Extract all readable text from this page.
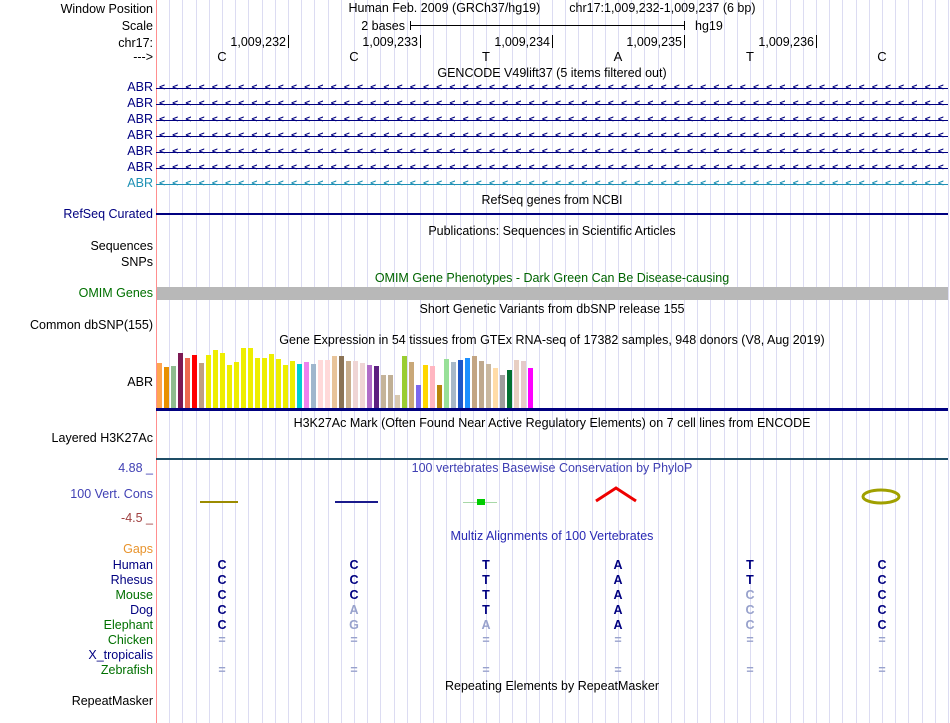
Window Position	Human Feb. 2009 (GRCh37/hg19) chr17:1,009,232-1,009,237 (6 bp)
Scale	2 bases	hg19
chr17:	1,009,232	1,009,233	1,009,234	1,009,235	1,009,236
--->	C	C	T	A	T	C
GENCODE V49lift37 (5 items filtered out)
ABR < < < < < < < < < < < < < < < < < < < < < < < < < < < < < < < < < < < < < < < < < < < < < < < < < < < < < < < < < < < <
ABR < < < < < < < < < < < < < < < < < < < < < < < < < < < < < < < < < < < < < < < < < < < < < < < < < < < < < < < < < < < <
ABR < < < < < < < < < < < < < < < < < < < < < < < < < < < < < < < < < < < < < < < < < < < < < < < < < < < < < < < < < < < <
ABR < < < < < < < < < < < < < < < < < < < < < < < < < < < < < < < < < < < < < < < < < < < < < < < < < < < < < < < < < < < <
ABR < < < < < < < < < < < < < < < < < < < < < < < < < < < < < < < < < < < < < < < < < < < < < < < < < < < < < < < < < < < <
ABR < < < < < < < < < < < < < < < < < < < < < < < < < < < < < < < < < < < < < < < < < < < < < < < < < < < < < < < < < < < <
ABR < < < < < < < < < < < < < < < < < < < < < < < < < < < < < < < < < < < < < < < < < < < < < < < < < < < < < < < < < < < <
RefSeq genes from NCBI
RefSeq Curated
Publications: Sequences in Scientific Articles
Sequences
SNPs
OMIM Gene Phenotypes - Dark Green Can Be Disease-causing
OMIM Genes
Short Genetic Variants from dbSNP release 155
Common dbSNP(155)
Gene Expression in 54 tissues from GTEx RNA-seq of 17382 samples, 948 donors (V8, Aug 2019)
ABR
H3K27Ac Mark (Often Found Near Active Regulatory Elements) on 7 cell lines from ENCODE
Layered H3K27Ac
100 vertebrates Basewise Conservation by PhyloP
4.88 _
100 Vert. Cons
-4.5 _
Multiz Alignments of 100 Vertebrates
Gaps
Human	C	C	T	A	T	C
Rhesus	C	C	T	A	T	C
Mouse	C	C	T	A	C	C
Dog	C	A	T	A	C	C
Elephant	C	G	A	A	C	C
Chicken	=	=	=	=	=	=
X_tropicalis
Zebrafish	=	=	=	=	=	=
Repeating Elements by RepeatMasker
RepeatMasker
